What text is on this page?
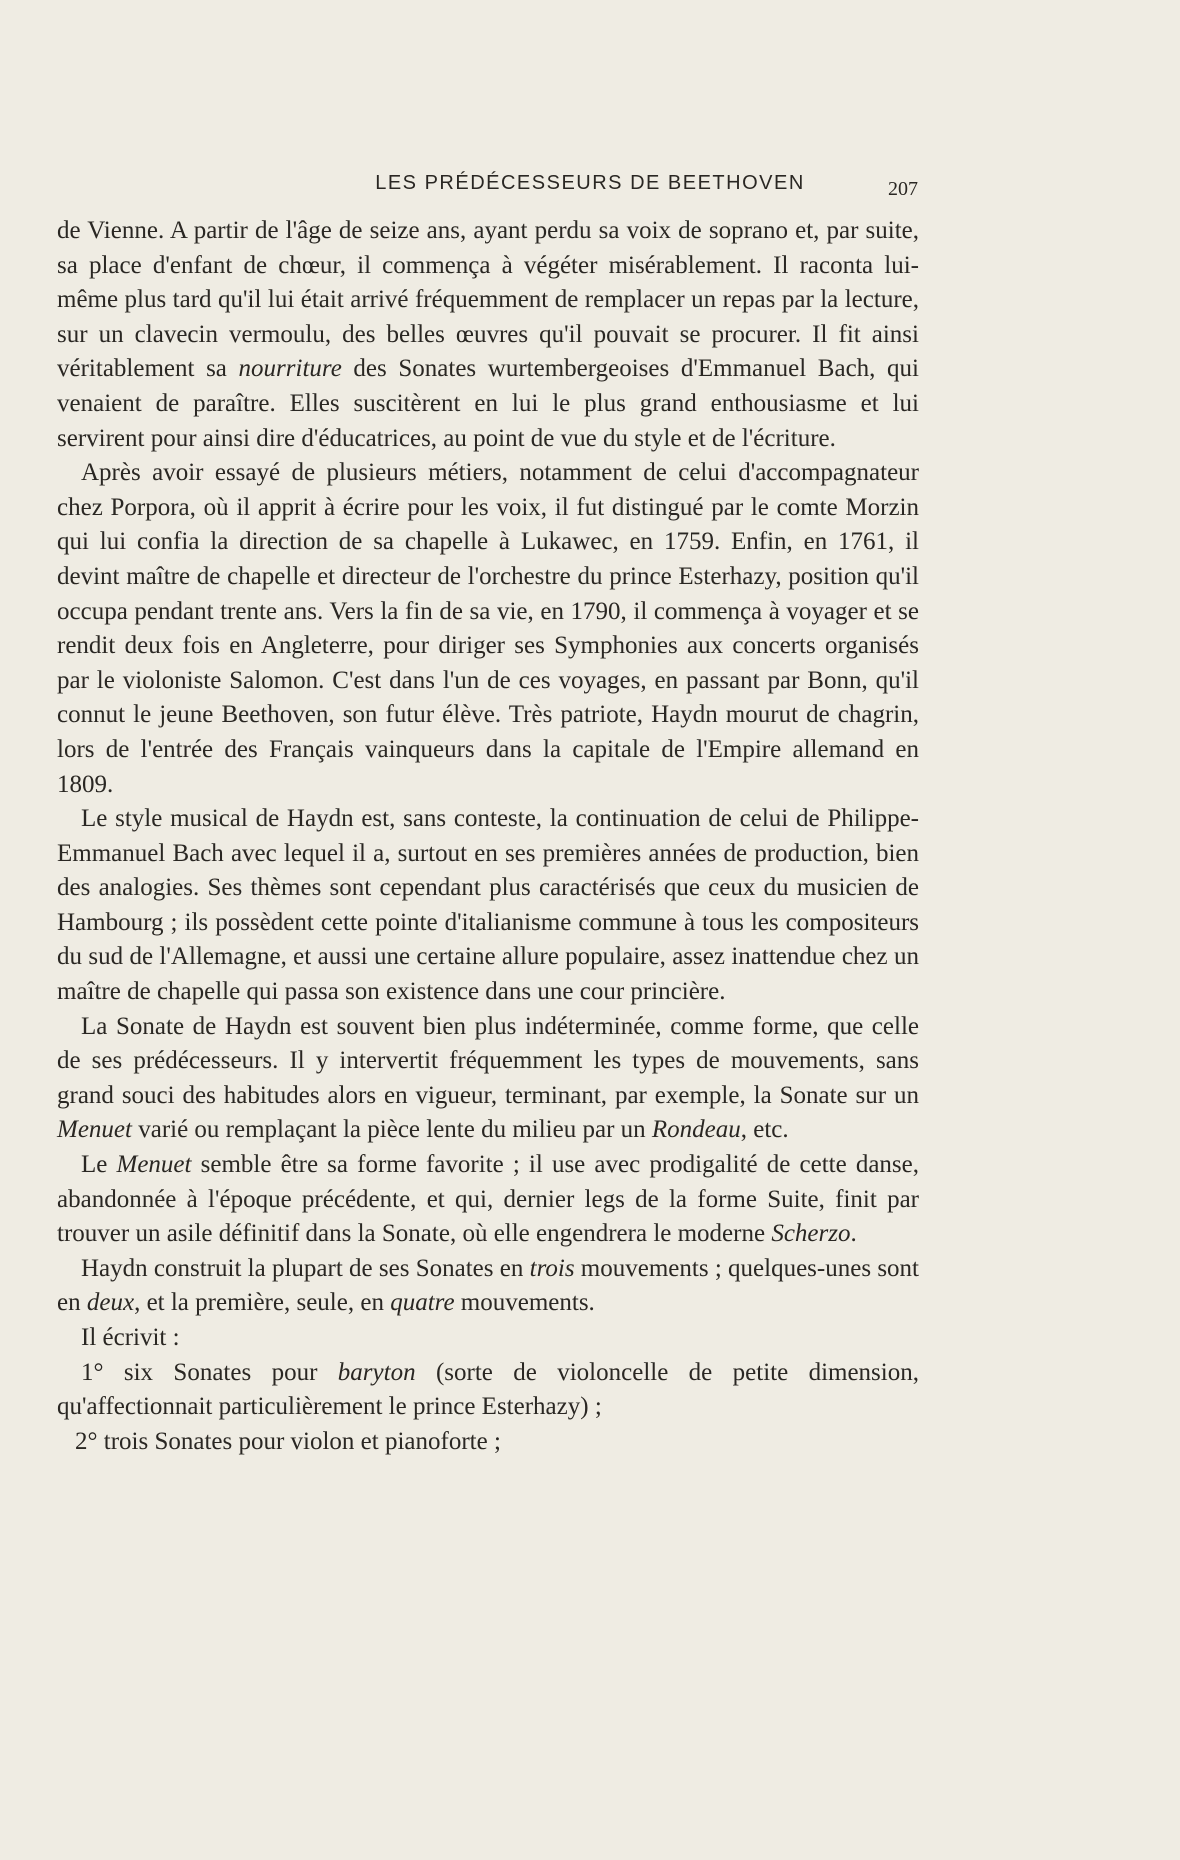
LES PRÉDÉCESSEURS DE BEETHOVEN	207

de Vienne. A partir de l'âge de seize ans, ayant perdu sa voix de soprano et, par suite, sa place d'enfant de chœur, il commença à végéter misérablement. Il raconta lui-même plus tard qu'il lui était arrivé fréquemment de remplacer un repas par la lecture, sur un clavecin vermoulu, des belles œuvres qu'il pouvait se procurer. Il fit ainsi véritablement sa nourriture des Sonates wurtembergeoises d'Emmanuel Bach, qui venaient de paraître. Elles suscitèrent en lui le plus grand enthousiasme et lui servirent pour ainsi dire d'éducatrices, au point de vue du style et de l'écriture.

Après avoir essayé de plusieurs métiers, notamment de celui d'accompagnateur chez Porpora, où il apprit à écrire pour les voix, il fut distingué par le comte Morzin qui lui confia la direction de sa chapelle à Lukawec, en 1759. Enfin, en 1761, il devint maître de chapelle et directeur de l'orchestre du prince Esterhazy, position qu'il occupa pendant trente ans. Vers la fin de sa vie, en 1790, il commença à voyager et se rendit deux fois en Angleterre, pour diriger ses Symphonies aux concerts organisés par le violoniste Salomon. C'est dans l'un de ces voyages, en passant par Bonn, qu'il connut le jeune Beethoven, son futur élève. Très patriote, Haydn mourut de chagrin, lors de l'entrée des Français vainqueurs dans la capitale de l'Empire allemand en 1809.

Le style musical de Haydn est, sans conteste, la continuation de celui de Philippe-Emmanuel Bach avec lequel il a, surtout en ses premières années de production, bien des analogies. Ses thèmes sont cependant plus caractérisés que ceux du musicien de Hambourg ; ils possèdent cette pointe d'italianisme commune à tous les compositeurs du sud de l'Allemagne, et aussi une certaine allure populaire, assez inattendue chez un maître de chapelle qui passa son existence dans une cour princière.

La Sonate de Haydn est souvent bien plus indéterminée, comme forme, que celle de ses prédécesseurs. Il y intervertit fréquemment les types de mouvements, sans grand souci des habitudes alors en vigueur, terminant, par exemple, la Sonate sur un Menuet varié ou remplaçant la pièce lente du milieu par un Rondeau, etc.

Le Menuet semble être sa forme favorite ; il use avec prodigalité de cette danse, abandonnée à l'époque précédente, et qui, dernier legs de la forme Suite, finit par trouver un asile définitif dans la Sonate, où elle engendrera le moderne Scherzo.

Haydn construit la plupart de ses Sonates en trois mouvements ; quelques-unes sont en deux, et la première, seule, en quatre mouvements.

Il écrivit :

1° six Sonates pour baryton (sorte de violoncelle de petite dimension, qu'affectionnait particulièrement le prince Esterhazy) ;

2° trois Sonates pour violon et pianoforte ;
